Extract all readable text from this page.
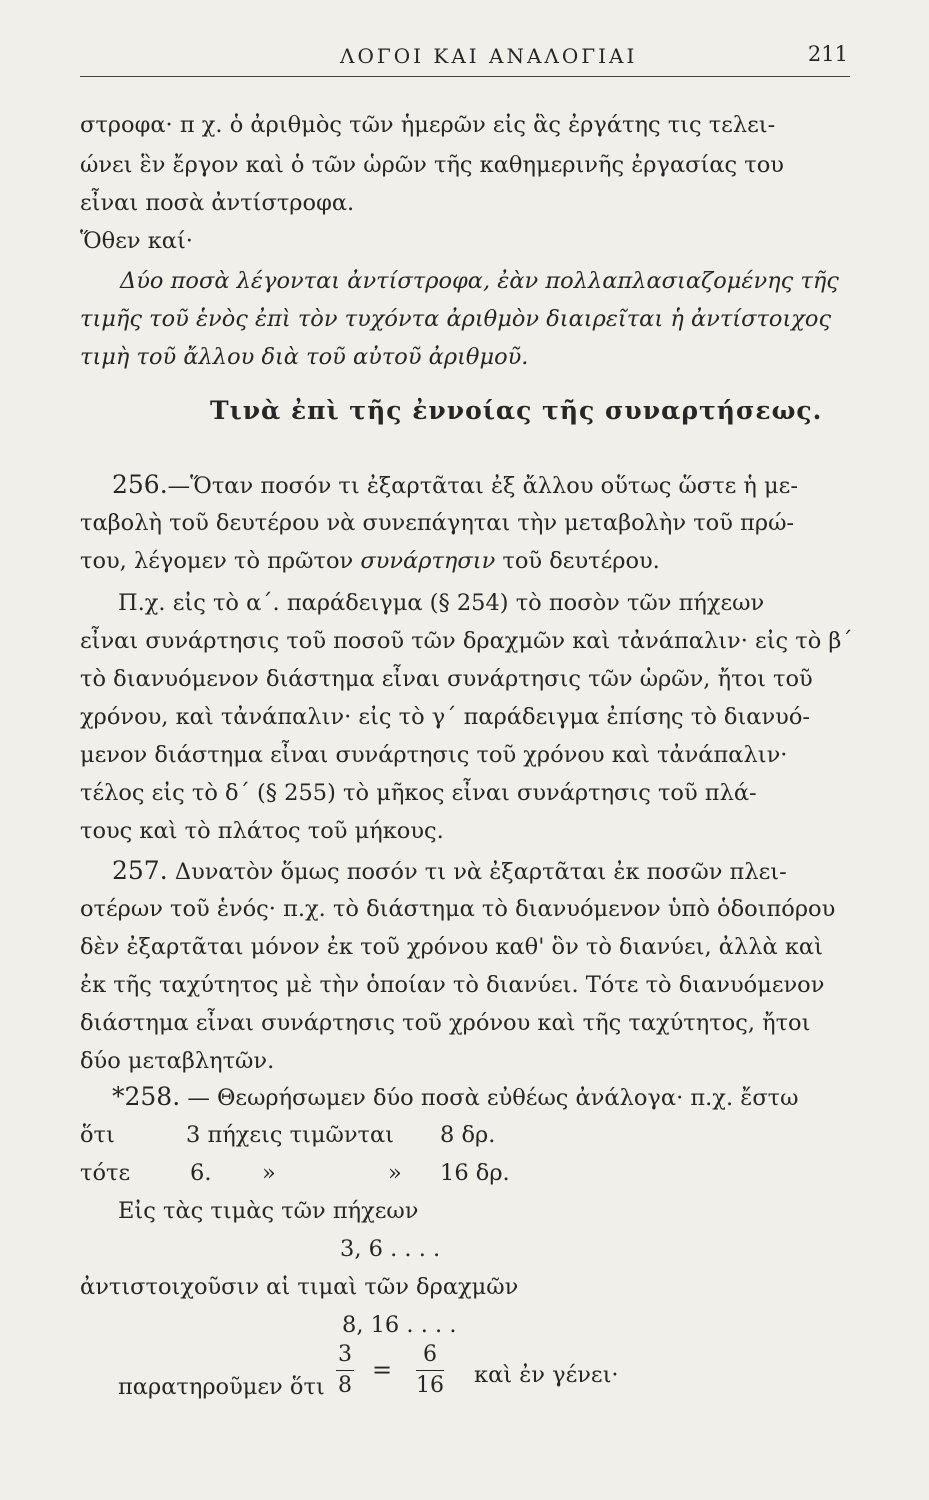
ΛΟΓΟΙ ΚΑΙ ΑΝΑΛΟΓΙΑΙ	211
στροφα· π χ. ὁ ἀριθμὸς τῶν ἡμερῶν εἰς ἃς ἐργάτης τις τελει-
ώνει ἓν ἔργον καὶ ὁ τῶν ὡρῶν τῆς καθημερινῆς ἐργασίας του
εἶναι ποσὰ ἀντίστροφα.
Ὅθεν καί·
Δύο ποσὰ λέγονται ἀντίστροφα, ἐὰν πολλαπλασιαζομένης τῆς
τιμῆς τοῦ ἑνὸς ἐπὶ τὸν τυχόντα ἀριθμὸν διαιρεῖται ἡ ἀντίστοιχος
τιμὴ τοῦ ἄλλου διὰ τοῦ αὐτοῦ ἀριθμοῦ.
Τινὰ ἐπὶ τῆς ἐννοίας τῆς συναρτήσεως.
256.—Ὅταν ποσόν τι ἐξαρτᾶται ἐξ ἄλλου οὕτως ὥστε ἡ με-
ταβολὴ τοῦ δευτέρου νὰ συνεπάγηται τὴν μεταβολὴν τοῦ πρώ-
του, λέγομεν τὸ πρῶτον συνάρτησιν τοῦ δευτέρου.
Π.χ. εἰς τὸ α΄. παράδειγμα (§ 254) τὸ ποσὸν τῶν πήχεων
εἶναι συνάρτησις τοῦ ποσοῦ τῶν δραχμῶν καὶ τἀνάπαλιν· εἰς τὸ β΄
τὸ διανυόμενον διάστημα εἶναι συνάρτησις τῶν ὡρῶν, ἤτοι τοῦ
χρόνου, καὶ τἀνάπαλιν· εἰς τὸ γ΄ παράδειγμα ἐπίσης τὸ διανυό-
μενον διάστημα εἶναι συνάρτησις τοῦ χρόνου καὶ τἀνάπαλιν·
τέλος εἰς τὸ δ΄ (§ 255) τὸ μῆκος εἶναι συνάρτησις τοῦ πλά-
τους καὶ τὸ πλάτος τοῦ μήκους.
257. Δυνατὸν ὅμως ποσόν τι νὰ ἐξαρτᾶται ἐκ ποσῶν πλει-
οτέρων τοῦ ἑνός· π.χ. τὸ διάστημα τὸ διανυόμενον ὑπὸ ὁδοιπόρου
δὲν ἐξαρτᾶται μόνον ἐκ τοῦ χρόνου καθ' ὃν τὸ διανύει, ἀλλὰ καὶ
ἐκ τῆς ταχύτητος μὲ τὴν ὁποίαν τὸ διανύει. Τότε τὸ διανυόμενον
διάστημα εἶναι συνάρτησις τοῦ χρόνου καὶ τῆς ταχύτητος, ἤτοι
δύο μεταβλητῶν.
*258. — Θεωρήσωμεν δύο ποσὰ εὐθέως ἀνάλογα· π.χ. ἔστω
ὅτι	3 πήχεις τιμῶνται 8 δρ.
τότε	6. »	» 16 δρ.
Εἰς τὰς τιμὰς τῶν πήχεων
3, 6 . . . .
ἀντιστοιχοῦσιν αἱ τιμαὶ τῶν δραχμῶν
8, 16 . . . .
παρατηροῦμεν ὅτι $\frac{3}{8} = \frac{6}{16}$ καὶ ἐν γένει·
